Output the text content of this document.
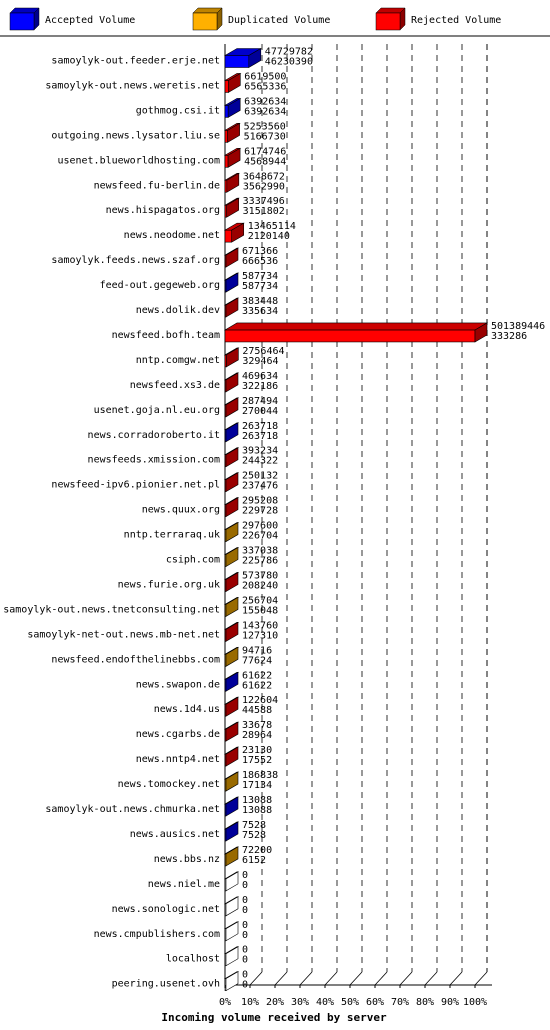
Accepted Volume	Duplicated Volume	Rejected Volume
samoylyk-out.feeder.erje.net
samoylyk-out.news.weretis.net
gothmog.csi.it
outgoing.news.lysator.liu.se
usenet.blueworldhosting.com
newsfeed.fu-berlin.de
news.hispagatos.org
news.neodome.net
samoylyk.feeds.news.szaf.org
feed-out.gegeweb.org
news.dolik.dev
newsfeed.bofh.team
nntp.comgw.net
newsfeed.xs3.de
usenet.goja.nl.eu.org
news.corradoroberto.it
newsfeeds.xmission.com
newsfeed-ipv6.pionier.net.pl
news.quux.org
nntp.terraraq.uk
csiph.com
news.furie.org.uk
samoylyk-out.news.tnetconsulting.net
samoylyk-net-out.news.mb-net.net
newsfeed.endofthelinebbs.com
news.swapon.de
news.1d4.us
news.cgarbs.de
news.nntp4.net
news.tomockey.net
samoylyk-out.news.chmurka.net
news.ausics.net
news.bbs.nz
news.niel.me
news.sonologic.net
news.cmpublishers.com
localhost
peering.usenet.ovh
47729782
46230390
6619500
6565336
6392634
6392634
5253560
5166730
6174746
4568944
3648672
3562990
3337496
3151802
13465114
2120140
671366
666536
587734
587734
383448
335634
501389446
333286
2756464
329464
469634
322186
287494
270044
263718
263718
393234
244322
250132
237476
295208
229728
297600
226704
337038
225786
573780
208240
256704
155048
143760
127310
94716
77624
61622
61622
122604
44588
33678
28964
23130
17552
186838
17134
13088
13088
7528
7528
72200
6152
0
0
0
0
0
0
0
0
0
0
0% 10% 20% 30% 40% 50% 60% 70% 80% 90% 100%
Incoming volume received by server
